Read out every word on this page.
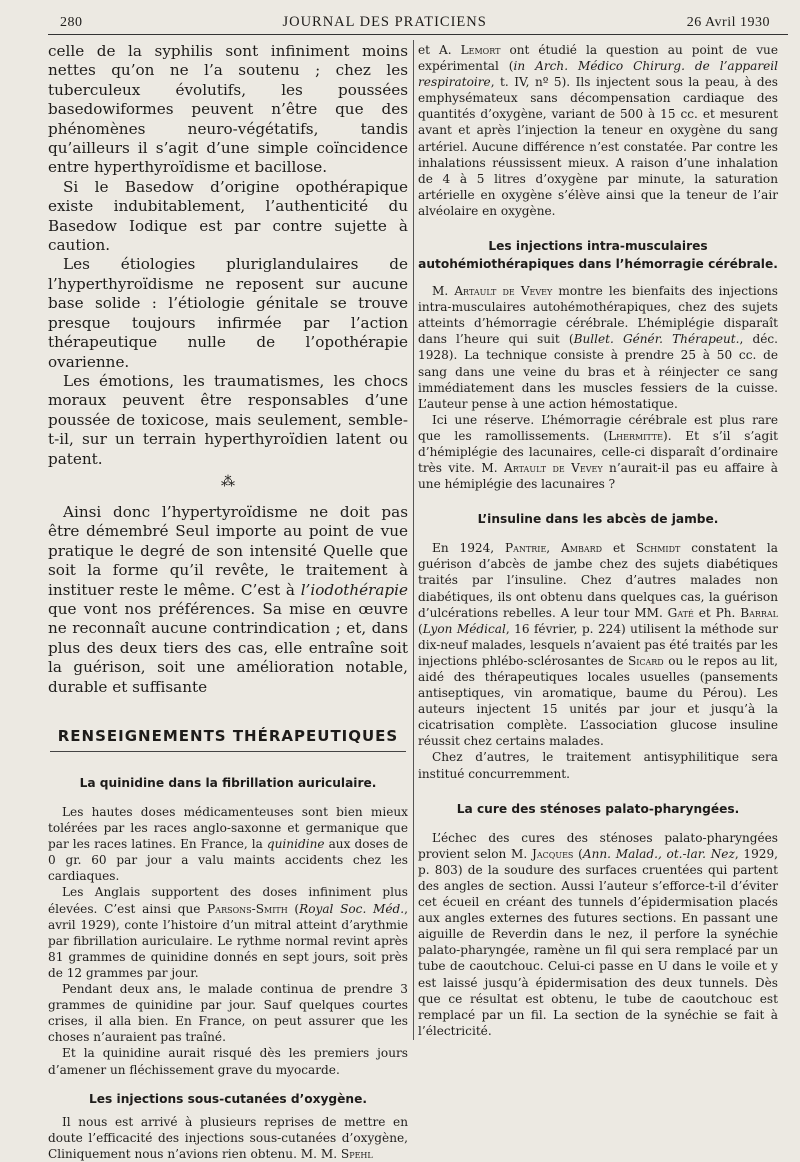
280	JOURNAL DES PRATICIENS	26 Avril 1930

celle de la syphilis sont infiniment moins nettes qu’on ne l’a soutenu ; chez les tuberculeux évolutifs, les poussées basedowiformes peuvent n’être que des phénomènes neuro-végétatifs, tandis qu’ailleurs il s’agit d’une simple coïncidence entre hyperthyroïdisme et bacillose.

Si le Basedow d’origine opothérapique existe indubitablement, l’authenticité du Basedow Iodique est par contre sujette à caution.

Les étiologies pluriglandulaires de l’hyperthyroïdisme ne reposent sur aucune base solide : l’étiologie génitale se trouve presque toujours infirmée par l’action thérapeutique nulle de l’opothérapie ovarienne.

Les émotions, les traumatismes, les chocs moraux peuvent être responsables d’une poussée de toxicose, mais seulement, semble-t-il, sur un terrain hyperthyroïdien latent ou patent.

⁂

Ainsi donc l’hypertyroïdisme ne doit pas être démembré Seul importe au point de vue pratique le degré de son intensité Quelle que soit la forme qu’il revête, le traitement à instituer reste le même. C’est à l’iodothérapie que vont nos préférences. Sa mise en œuvre ne reconnaît aucune contrindication ; et, dans plus des deux tiers des cas, elle entraîne soit la guérison, soit une amélioration notable, durable et suffisante

RENSEIGNEMENTS THÉRAPEUTIQUES
La quinidine dans la fibrillation auriculaire.

Les hautes doses médicamenteuses sont bien mieux tolérées par les races anglo-saxonne et germanique que par les races latines. En France, la quinidine aux doses de 0 gr. 60 par jour a valu maints accidents chez les cardiaques.

Les Anglais supportent des doses infiniment plus élevées. C’est ainsi que Parsons-Smith (Royal Soc. Méd., avril 1929), conte l’histoire d’un mitral atteint d’arythmie par fibrillation auriculaire. Le rythme normal revint après 81 grammes de quinidine donnés en sept jours, soit près de 12 grammes par jour.

Pendant deux ans, le malade continua de prendre 3 grammes de quinidine par jour. Sauf quelques courtes crises, il alla bien. En France, on peut assurer que les choses n’auraient pas traîné.

Et la quinidine aurait risqué dès les premiers jours d’amener un fléchissement grave du myocarde.

Les injections sous-cutanées d’oxygène.

Il nous est arrivé à plusieurs reprises de mettre en doute l’efficacité des injections sous-cutanées d’oxygène, Cliniquement nous n’avions rien obtenu. M. M. Spehl

et A. Lemort ont étudié la question au point de vue expérimental (in Arch. Médico Chirurg. de l’appareil respiratoire, t. IV, nº 5). Ils injectent sous la peau, à des emphysémateux sans décompensation cardiaque des quantités d’oxygène, variant de 500 à 15 cc. et mesurent avant et après l’injection la teneur en oxygène du sang artériel. Aucune différence n’est constatée. Par contre les inhalations réussissent mieux. A raison d’une inhalation de 4 à 5 litres d’oxygène par minute, la saturation artérielle en oxygène s’élève ainsi que la teneur de l’air alvéolaire en oxygène.

Les injections intra-musculaires autohémiothérapiques dans l’hémorragie cérébrale.

M. Artault de Vevey montre les bienfaits des injections intra-musculaires autohémothérapiques, chez des sujets atteints d’hémorragie cérébrale. L’hémiplégie disparaît dans l’heure qui suit (Bullet. Génér. Thérapeut., déc. 1928). La technique consiste à prendre 25 à 50 cc. de sang dans une veine du bras et à réinjecter ce sang immédiatement dans les muscles fessiers de la cuisse. L’auteur pense à une action hémostatique.

Ici une réserve. L’hémorragie cérébrale est plus rare que les ramollissements. (Lhermitte). Et s’il s’agit d’hémiplégie des lacunaires, celle-ci disparaît d’ordinaire très vite. M. Artault de Vevey n’aurait-il pas eu affaire à une hémiplégie des lacunaires ?

L’insuline dans les abcès de jambe.

En 1924, Pantrie, Ambard et Schmidt constatent la guérison d’abcès de jambe chez des sujets diabétiques traités par l’insuline. Chez d’autres malades non diabétiques, ils ont obtenu dans quelques cas, la guérison d’ulcérations rebelles. A leur tour MM. Gaté et Ph. Barral (Lyon Médical, 16 février, p. 224) utilisent la méthode sur dix-neuf malades, lesquels n’avaient pas été traités par les injections phlébo-sclérosantes de Sicard ou le repos au lit, aidé des thérapeutiques locales usuelles (pansements antiseptiques, vin aromatique, baume du Pérou). Les auteurs injectent 15 unités par jour et jusqu’à la cicatrisation complète. L’association glucose insuline réussit chez certains malades.

Chez d’autres, le traitement antisyphilitique sera institué concurremment.

La cure des sténoses palato-pharyngées.

L’échec des cures des sténoses palato-pharyngées provient selon M. Jacques (Ann. Malad., ot.-lar. Nez, 1929, p. 803) de la soudure des surfaces cruentées qui partent des angles de section. Aussi l’auteur s’efforce-t-il d’éviter cet écueil en créant des tunnels d’épidermisation placés aux angles externes des futures sections. En passant une aiguille de Reverdin dans le nez, il perfore la synéchie palato-pharyngée, ramène un fil qui sera remplacé par un tube de caoutchouc. Celui-ci passe en U dans le voile et y est laissé jusqu’à épidermisation des deux tunnels. Dès que ce résultat est obtenu, le tube de caoutchouc est remplacé par un fil. La section de la synéchie se fait à l’électricité.
